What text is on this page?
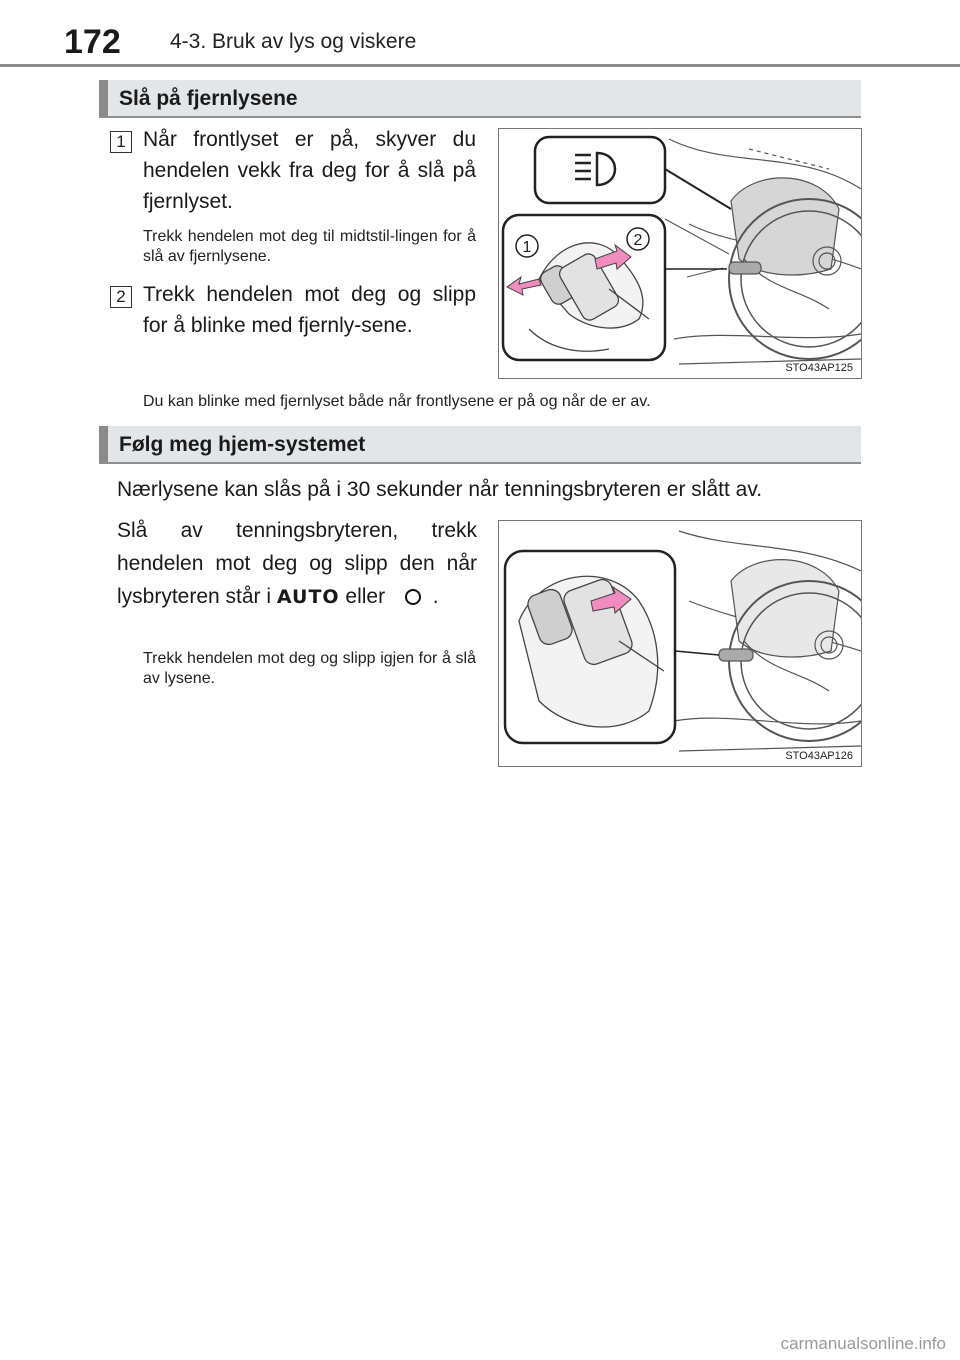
172 4-3. Bruk av lys og viskere
Slå på fjernlysene
1 Når frontlyset er på, skyver du hendelen vekk fra deg for å slå på fjernlyset.
Trekk hendelen mot deg til midtstil-lingen for å slå av fjernlysene.
2 Trekk hendelen mot deg og slipp for å blinke med fjernly-sene.
Du kan blinke med fjernlyset både når frontlysene er på og når de er av.
1	2
STO43AP125
Følg meg hjem-systemet
Nærlysene kan slås på i 30 sekunder når tenningsbryteren er slått av.
Slå av tenningsbryteren, trekk hendelen mot deg og slipp den når lysbryteren står i AUTO eller .
Trekk hendelen mot deg og slipp igjen for å slå av lysene.
STO43AP126
carmanualsonline.info
